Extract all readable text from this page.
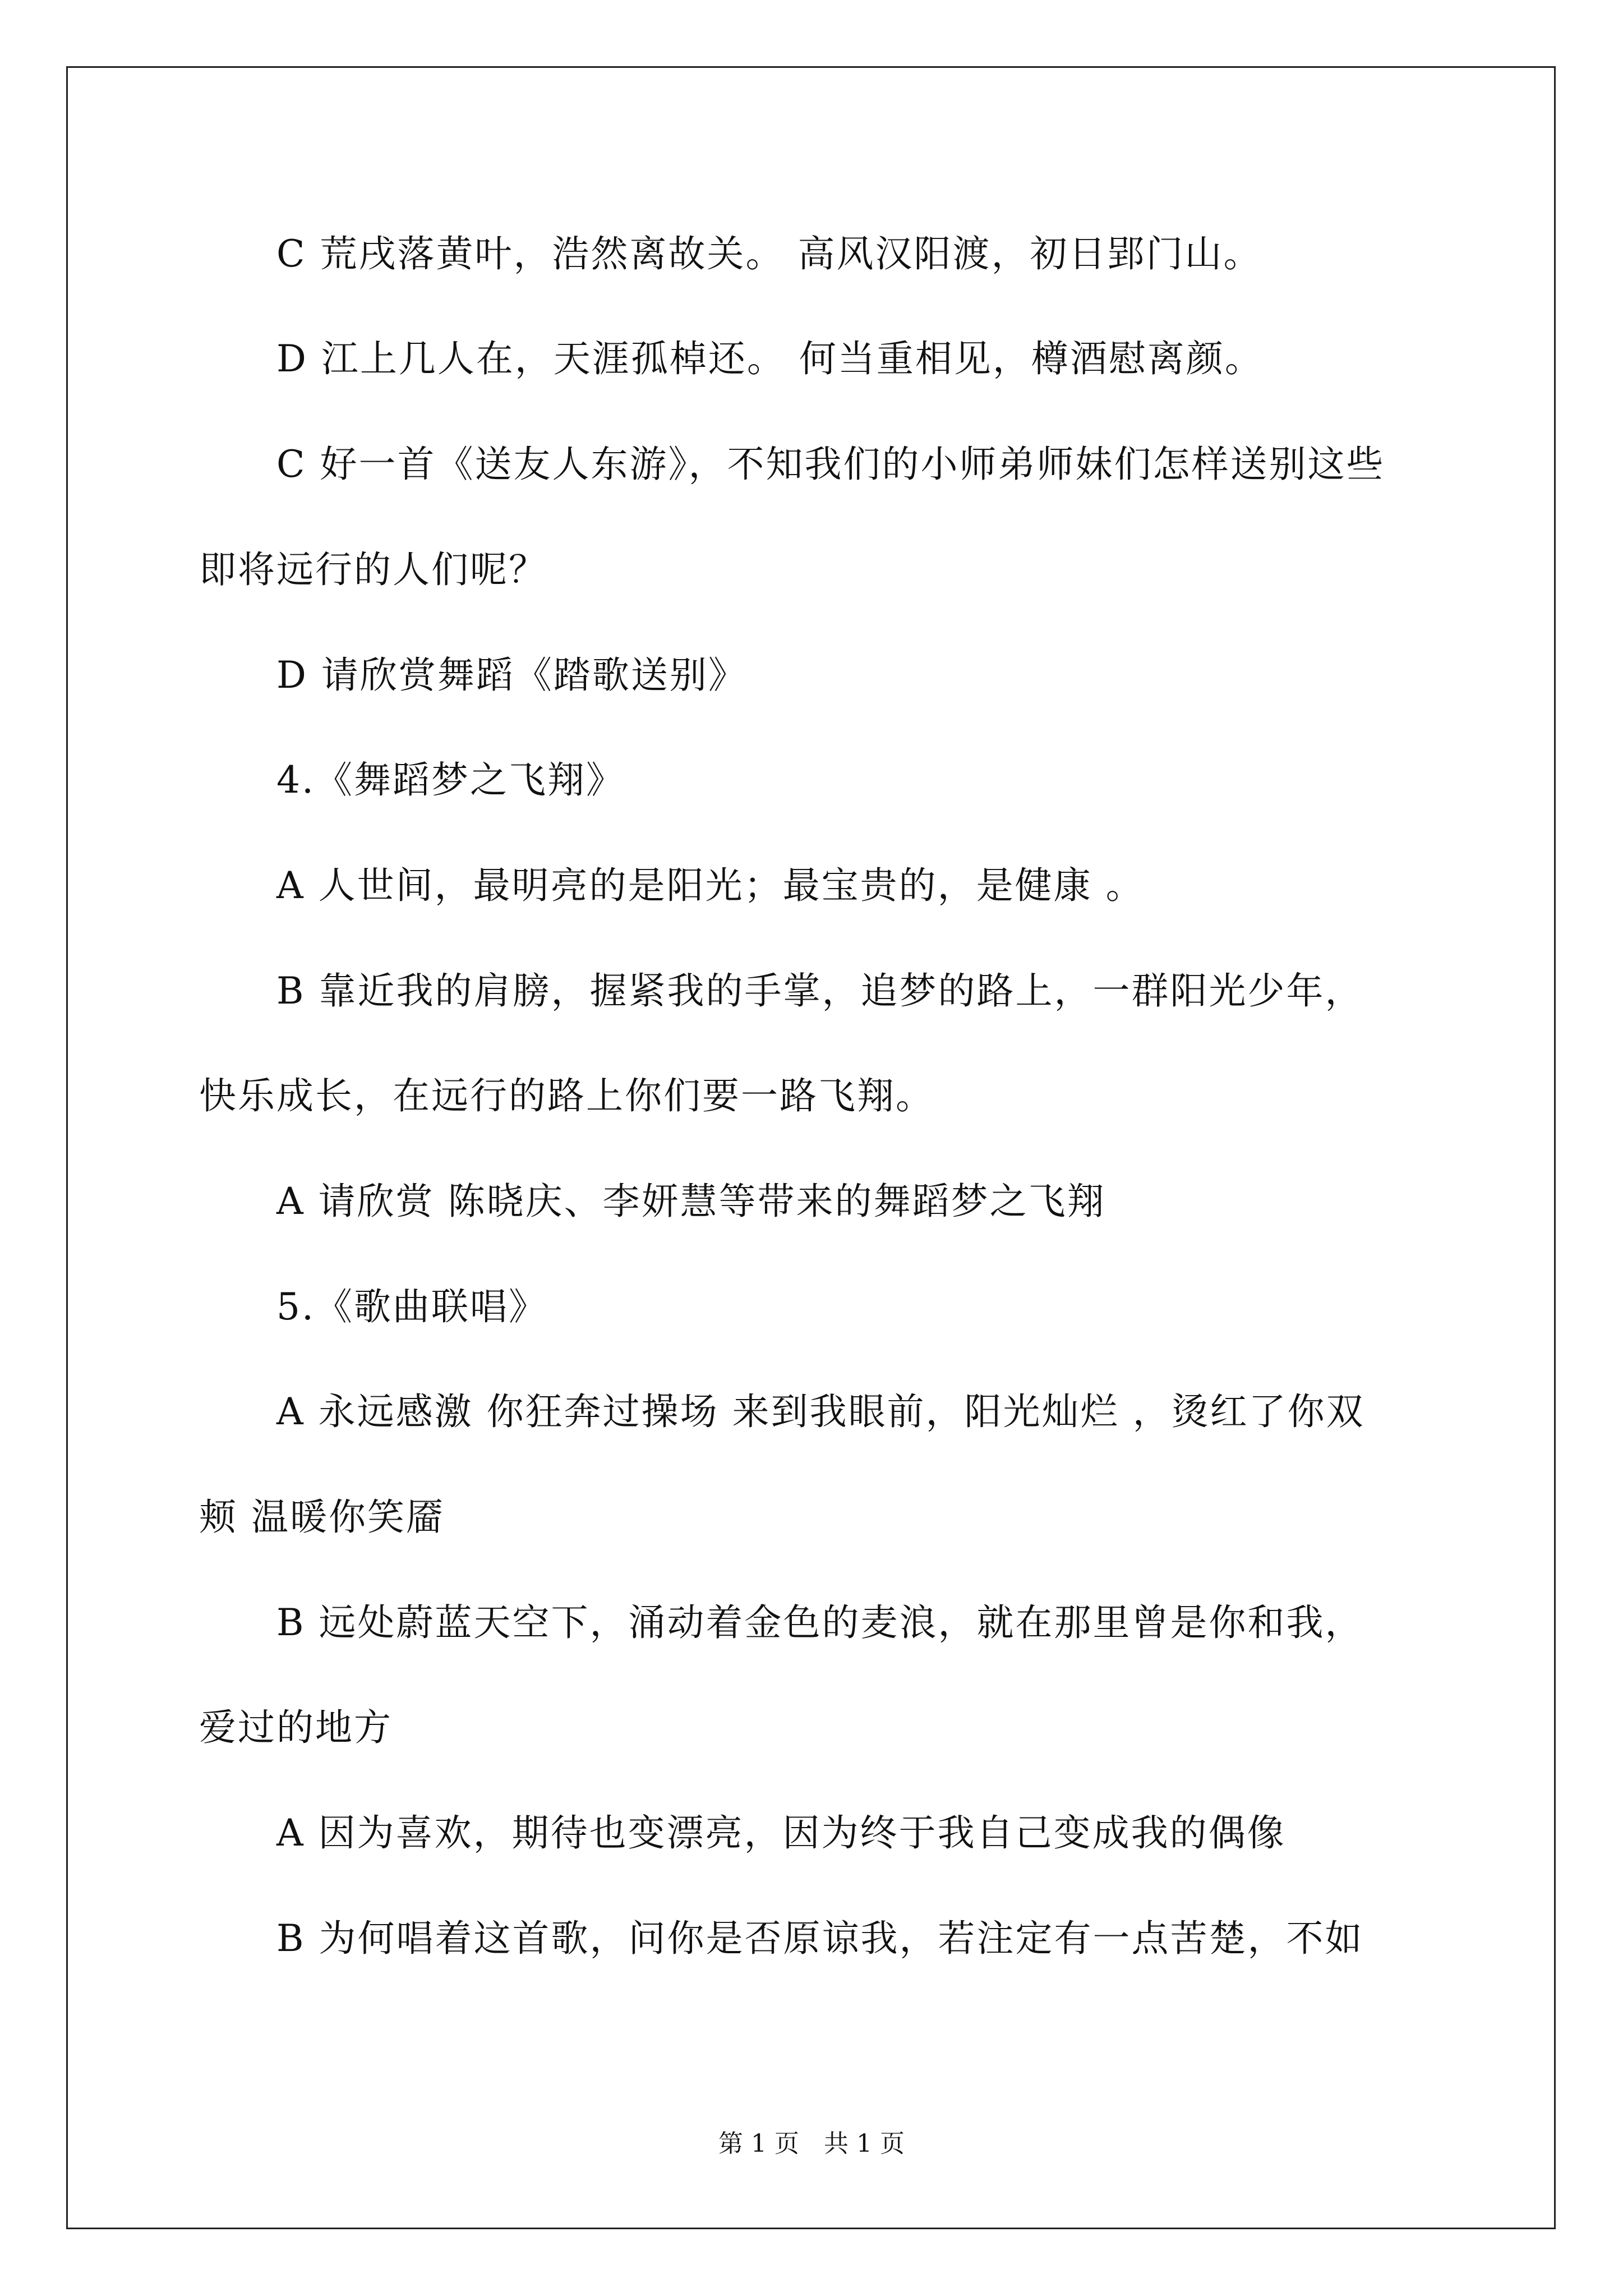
C 荒戌落黄叶，浩然离故关。 高风汉阳渡，初日郢门山。
D 江上几人在，天涯孤棹还。 何当重相见，樽酒慰离颜。
C 好一首《送友人东游》，不知我们的小师弟师妹们怎样送别这些
即将远行的人们呢？
D 请欣赏舞蹈《踏歌送别》
4.《舞蹈梦之飞翔》
A 人世间，最明亮的是阳光；最宝贵的，是健康 。
B 靠近我的肩膀，握紧我的手掌，追梦的路上，一群阳光少年，
快乐成长，在远行的路上你们要一路飞翔。
A 请欣赏 陈晓庆、李妍慧等带来的舞蹈梦之飞翔
5.《歌曲联唱》
A 永远感激 你狂奔过操场 来到我眼前，阳光灿烂 ，烫红了你双
颊 温暖你笑靥
B 远处蔚蓝天空下，涌动着金色的麦浪，就在那里曾是你和我，
爱过的地方
A 因为喜欢，期待也变漂亮，因为终于我自己变成我的偶像
B 为何唱着这首歌，问你是否原谅我，若注定有一点苦楚，不如
第 1 页　共 1 页
